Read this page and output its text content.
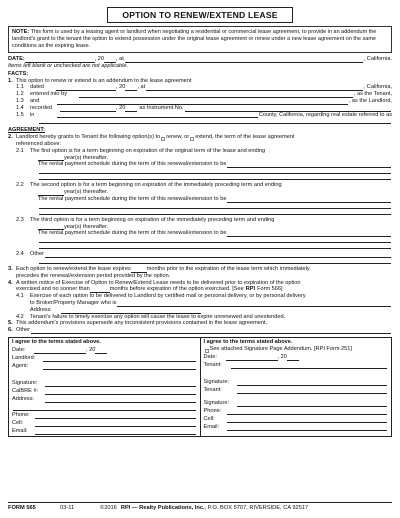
OPTION TO RENEW/EXTEND LEASE
NOTE: This form is used by a leasing agent or landlord when negotiating a residential or commercial lease agreement, to provide in an addendum the landlord's grant to the tenant the option to extend possession under the original lease agreement or renew under a new lease agreement on the same conditions as the expiring lease.
DATE:	, 20 , at	, California.
Items left blank or unchecked are not applicable.
FACTS:
1. This option to renew or extend is an addendum to the lease agreement
1.1	dated	, 20 , at	, California,
1.2	entered into by	, as the Tenant,
1.3	and	, as the Landlord,
1.4	recorded	, 20	as Instrument No.
1.5	in	County, California, regarding real estate referred to as
AGREEMENT:
2. Landlord hereby grants to Tenant the following option(s) to renew, or extend, the term of the lease agreement
referenced above:
2.1	The first option is for a term beginning on expiration of the original term of the lease and ending
year(s) thereafter.
The rental payment schedule during the term of this renewal/extension to be
2.2	The second option is for a term beginning on expiration of the immediately preceding term and ending
year(s) thereafter.
The rental payment schedule during the term of this renewal/extension to be
2.3	The third option is for a term beginning on expiration of the immediately preceding term and ending
year(s) thereafter.
The rental payment schedule during the term of this renewal/extension to be
2.4	Other
3. Each option to renew/extend the lease expires	months prior to the expiration of the lease term which immediately
precedes the renewal/extension period provided by the option.
4. A written notice of Exercise of Option to Renew/Extend Lease needs to be delivered prior to expiration of the option
exercised and no sooner than	months before expiration of the option exercised. [See RPI Form 566]
4.1	Exercise of each option to be delivered to Landlord by certified mail or personal delivery, or by personal delivery
to Broker/Property Manager who is
Address
4.2	Tenant's failure to timely exercise any option will cause the lease to expire unrenewed and unextended.
5. This addendum's provisions supersede any inconsistent provisions contained in the lease agreement.
6. Other
I agree to the terms stated above.
Date:	, 20
Landlord:
Agent:
Signature:
CalBRE #:
Address:
Phone:
Cell:
Email:
I agree to the terms stated above.
See attached Signature Page Addendum. [RPI Form 251]
Date:	, 20
Tenant:
Signature:
Tenant:
Signature:
Phone:
Cell:
Email:
FORM 565	03-11	©2016 RPI — Realty Publications, Inc. , P.O. BOX 5707, RIVERSIDE, CA 92517
